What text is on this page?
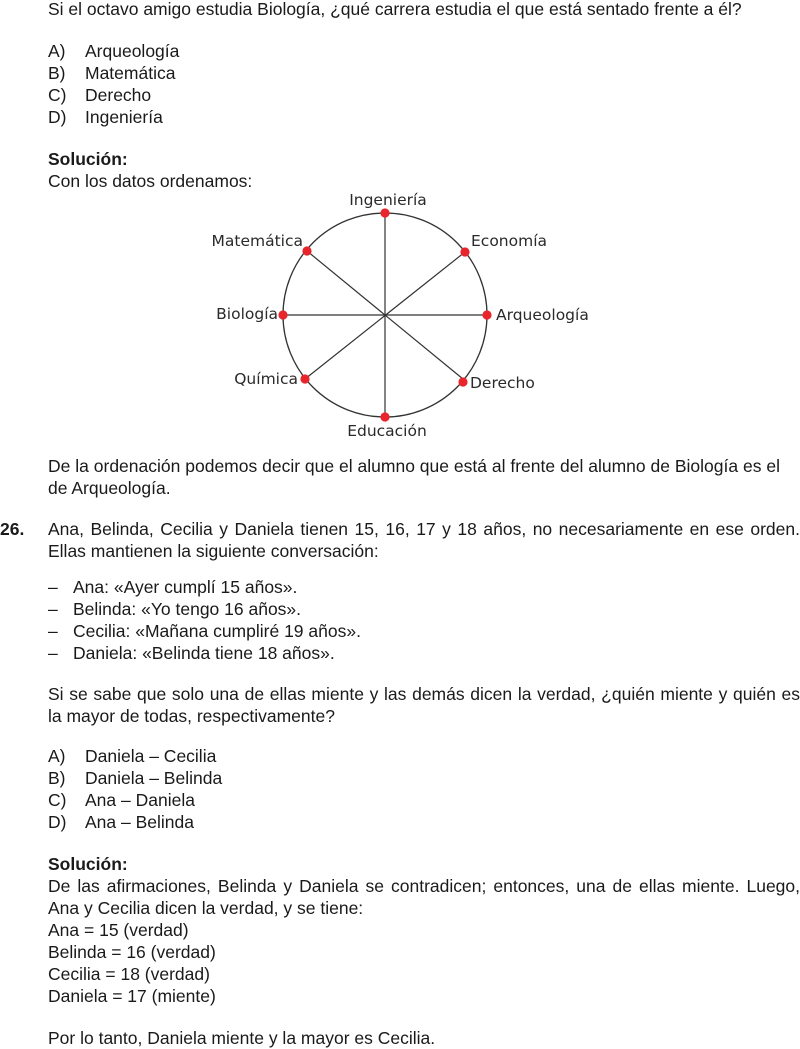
Si el octavo amigo estudia Biología, ¿qué carrera estudia el que está sentado frente a él?
A) Arqueología
B) Matemática
C) Derecho
D) Ingeniería
Solución:
Con los datos ordenamos:
Ingeniería
Economía
Arqueología
Derecho
Educación
Química
Biología
Matemática
De la ordenación podemos decir que el alumno que está al frente del alumno de Biología es el de Arqueología.
26. Ana, Belinda, Cecilia y Daniela tienen 15, 16, 17 y 18 años, no necesariamente en ese orden. Ellas mantienen la siguiente conversación:
– Ana: «Ayer cumplí 15 años».
– Belinda: «Yo tengo 16 años».
– Cecilia: «Mañana cumpliré 19 años».
– Daniela: «Belinda tiene 18 años».
Si se sabe que solo una de ellas miente y las demás dicen la verdad, ¿quién miente y quién es la mayor de todas, respectivamente?
A) Daniela – Cecilia
B) Daniela – Belinda
C) Ana – Daniela
D) Ana – Belinda
Solución:
De las afirmaciones, Belinda y Daniela se contradicen; entonces, una de ellas miente. Luego, Ana y Cecilia dicen la verdad, y se tiene:
Ana = 15 (verdad)
Belinda = 16 (verdad)
Cecilia = 18 (verdad)
Daniela = 17 (miente)
Por lo tanto, Daniela miente y la mayor es Cecilia.
